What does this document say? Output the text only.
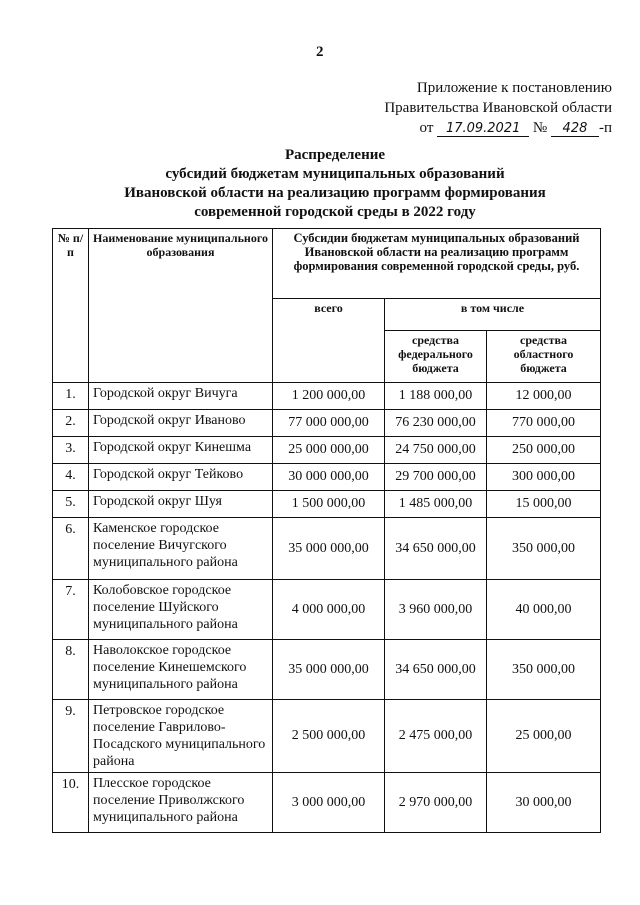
2
Приложение к постановлению
Правительства Ивановской области
от 17.09.2021 № 428 -п
Распределение
субсидий бюджетам муниципальных образований
Ивановской области на реализацию программ формирования
современной городской среды в 2022 году
№ п/п	Наименование муниципального образования	Субсидии бюджетам муниципальных образований Ивановской области на реализацию программ формирования современной городской среды, руб.		
		всего	в том числе	
			средства федерального бюджета	средства областного бюджета
1.	Городской округ Вичуга	1 200 000,00	1 188 000,00	12 000,00
2.	Городской округ Иваново	77 000 000,00	76 230 000,00	770 000,00
3.	Городской округ Кинешма	25 000 000,00	24 750 000,00	250 000,00
4.	Городской округ Тейково	30 000 000,00	29 700 000,00	300 000,00
5.	Городской округ Шуя	1 500 000,00	1 485 000,00	15 000,00
6.	Каменское городское поселение Вичугского муниципального района	35 000 000,00	34 650 000,00	350 000,00
7.	Колобовское городское поселение Шуйского муниципального района	4 000 000,00	3 960 000,00	40 000,00
8.	Наволокское городское поселение Кинешемского муниципального района	35 000 000,00	34 650 000,00	350 000,00
9.	Петровское городское поселение Гаврилово-Посадского муниципального района	2 500 000,00	2 475 000,00	25 000,00
10.	Плесское городское поселение Приволжского муниципального района	3 000 000,00	2 970 000,00	30 000,00
